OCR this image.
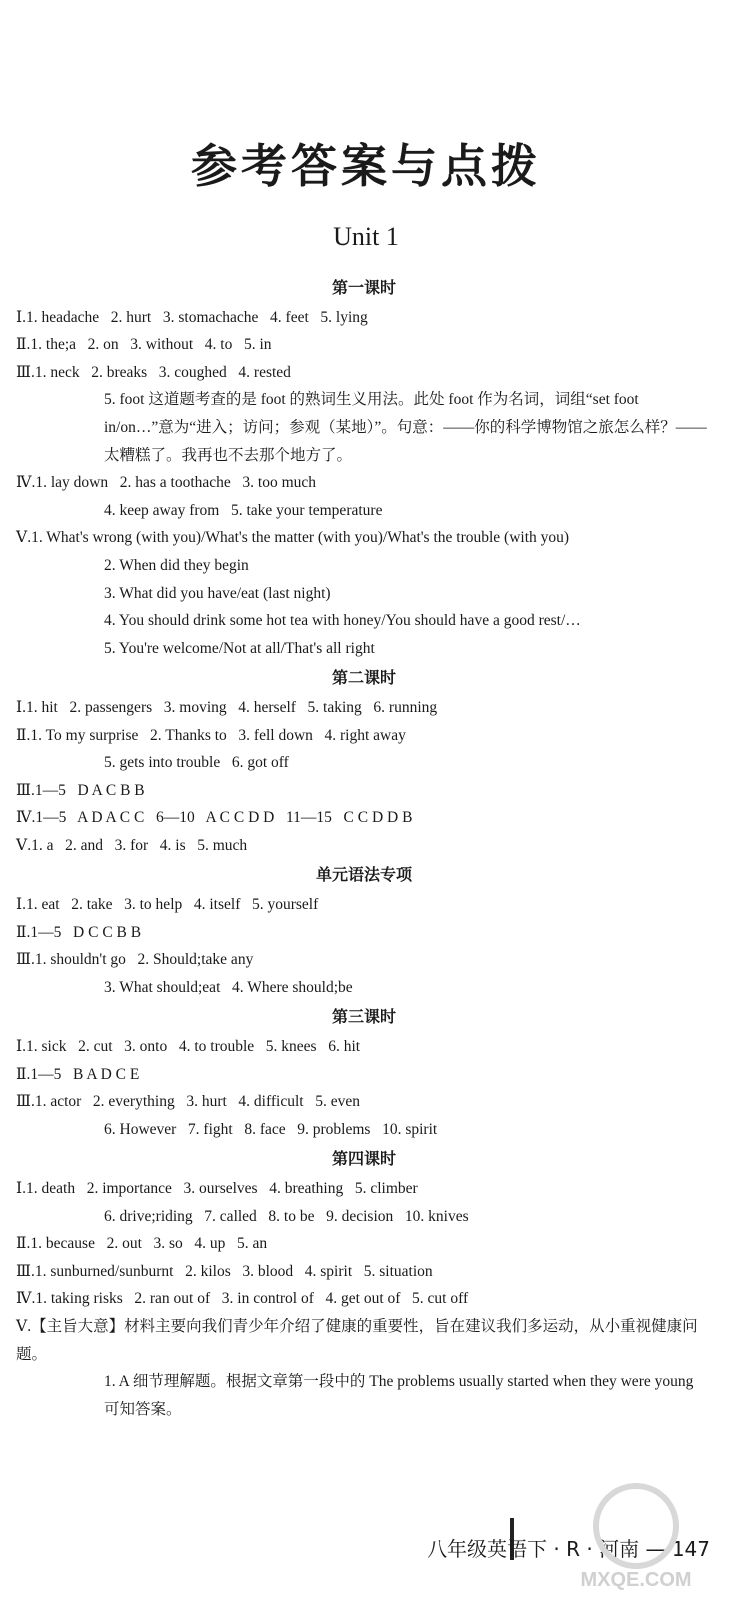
参考答案与点拨
Unit 1
第一课时
Ⅰ.1. headache   2. hurt   3. stomachache   4. feet   5. lying
Ⅱ.1. the;a   2. on   3. without   4. to   5. in
Ⅲ.1. neck   2. breaks   3. coughed   4. rested
5. foot 这道题考查的是 foot 的熟词生义用法。此处 foot 作为名词，词组“set foot in/on…”意为“进入；访问；参观（某地）”。句意：——你的科学博物馆之旅怎么样？——太糟糕了。我再也不去那个地方了。
Ⅳ.1. lay down   2. has a toothache   3. too much
4. keep away from   5. take your temperature
Ⅴ.1. What's wrong (with you)/What's the matter (with you)/What's the trouble (with you)
2. When did they begin
3. What did you have/eat (last night)
4. You should drink some hot tea with honey/You should have a good rest/…
5. You're welcome/Not at all/That's all right
第二课时
Ⅰ.1. hit   2. passengers   3. moving   4. herself   5. taking   6. running
Ⅱ.1. To my surprise   2. Thanks to   3. fell down   4. right away
5. gets into trouble   6. got off
Ⅲ.1—5   D A C B B
Ⅳ.1—5   A D A C C   6—10   A C C D D   11—15   C C D D B
Ⅴ.1. a   2. and   3. for   4. is   5. much
单元语法专项
Ⅰ.1. eat   2. take   3. to help   4. itself   5. yourself
Ⅱ.1—5   D C C B B
Ⅲ.1. shouldn't go   2. Should;take any
3. What should;eat   4. Where should;be
第三课时
Ⅰ.1. sick   2. cut   3. onto   4. to trouble   5. knees   6. hit
Ⅱ.1—5   B A D C E
Ⅲ.1. actor   2. everything   3. hurt   4. difficult   5. even
6. However   7. fight   8. face   9. problems   10. spirit
第四课时
Ⅰ.1. death   2. importance   3. ourselves   4. breathing   5. climber
6. drive;riding   7. called   8. to be   9. decision   10. knives
Ⅱ.1. because   2. out   3. so   4. up   5. an
Ⅲ.1. sunburned/sunburnt   2. kilos   3. blood   4. spirit   5. situation
Ⅳ.1. taking risks   2. ran out of   3. in control of   4. get out of   5. cut off
Ⅴ.【主旨大意】材料主要向我们青少年介绍了健康的重要性，旨在建议我们多运动，从小重视健康问题。
1. A 细节理解题。根据文章第一段中的 The problems usually started when they were young 可知答案。
八年级英语下 · R · 河南 — 147
MXQE.COM
